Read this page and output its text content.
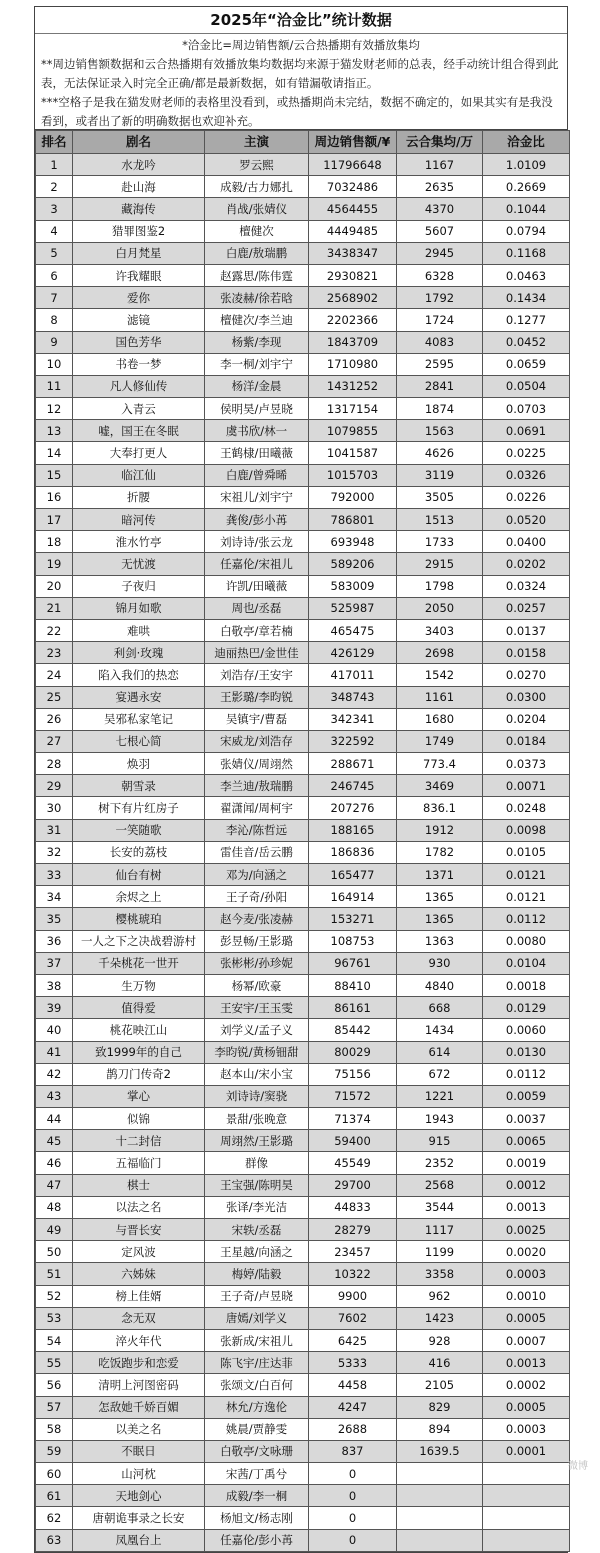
2025年“洽金比”统计数据

*洽金比=周边销售额/云合热播期有效播放集均

**周边销售额数据和云合热播期有效播放集均数据均来源于猫发财老师的总表，经手动统计组合得到此表，无法保证录入时完全正确/都是最新数据，如有错漏敬请指正。

***空格子是我在猫发财老师的表格里没看到，或热播期尚未完结，数据不确定的，如果其实有是我没看到，或者出了新的明确数据也欢迎补充。

排名	剧名	主演	周边销售额/¥	云合集均/万	洽金比
1	水龙吟	罗云熙	11796648	1167	1.0109
2	赴山海	成毅/古力娜扎	7032486	2635	0.2669
3	藏海传	肖战/张婧仪	4564455	4370	0.1044
4	猎罪图鉴2	檀健次	4449485	5607	0.0794
5	白月梵星	白鹿/敖瑞鹏	3438347	2945	0.1168
6	许我耀眼	赵露思/陈伟霆	2930821	6328	0.0463
7	爱你	张凌赫/徐若晗	2568902	1792	0.1434
8	滤镜	檀健次/李兰迪	2202366	1724	0.1277
9	国色芳华	杨紫/李现	1843709	4083	0.0452
10	书卷一梦	李一桐/刘宇宁	1710980	2595	0.0659
11	凡人修仙传	杨洋/金晨	1431252	2841	0.0504
12	入青云	侯明昊/卢昱晓	1317154	1874	0.0703
13	嘘，国王在冬眠	虞书欣/林一	1079855	1563	0.0691
14	大奉打更人	王鹤棣/田曦薇	1041587	4626	0.0225
15	临江仙	白鹿/曾舜晞	1015703	3119	0.0326
16	折腰	宋祖儿/刘宇宁	792000	3505	0.0226
17	暗河传	龚俊/彭小苒	786801	1513	0.0520
18	淮水竹亭	刘诗诗/张云龙	693948	1733	0.0400
19	无忧渡	任嘉伦/宋祖儿	589206	2915	0.0202
20	子夜归	许凯/田曦薇	583009	1798	0.0324
21	锦月如歌	周也/丞磊	525987	2050	0.0257
22	难哄	白敬亭/章若楠	465475	3403	0.0137
23	利剑·玫瑰	迪丽热巴/金世佳	426129	2698	0.0158
24	陷入我们的热恋	刘浩存/王安宇	417011	1542	0.0270
25	宴遇永安	王影璐/李昀锐	348743	1161	0.0300
26	吴邪私家笔记	吴镇宇/曹磊	342341	1680	0.0204
27	七根心简	宋威龙/刘浩存	322592	1749	0.0184
28	焕羽	张婧仪/周翊然	288671	773.4	0.0373
29	朝雪录	李兰迪/敖瑞鹏	246745	3469	0.0071
30	树下有片红房子	翟潇闻/周柯宇	207276	836.1	0.0248
31	一笑随歌	李沁/陈哲远	188165	1912	0.0098
32	长安的荔枝	雷佳音/岳云鹏	186836	1782	0.0105
33	仙台有树	邓为/向涵之	165477	1371	0.0121
34	余烬之上	王子奇/孙阳	164914	1365	0.0121
35	樱桃琥珀	赵今麦/张凌赫	153271	1365	0.0112
36	一人之下之决战碧游村	彭昱畅/王影璐	108753	1363	0.0080
37	千朵桃花一世开	张彬彬/孙珍妮	96761	930	0.0104
38	生万物	杨幂/欧豪	88410	4840	0.0018
39	值得爱	王安宇/王玉雯	86161	668	0.0129
40	桃花映江山	刘学义/孟子义	85442	1434	0.0060
41	致1999年的自己	李昀锐/黄杨钿甜	80029	614	0.0130
42	鹊刀门传奇2	赵本山/宋小宝	75156	672	0.0112
43	掌心	刘诗诗/窦骁	71572	1221	0.0059
44	似锦	景甜/张晚意	71374	1943	0.0037
45	十二封信	周翊然/王影璐	59400	915	0.0065
46	五福临门	群像	45549	2352	0.0019
47	棋士	王宝强/陈明昊	29700	2568	0.0012
48	以法之名	张译/李光洁	44833	3544	0.0013
49	与晋长安	宋轶/丞磊	28279	1117	0.0025
50	定风波	王星越/向涵之	23457	1199	0.0020
51	六姊妹	梅婷/陆毅	10322	3358	0.0003
52	榜上佳婿	王子奇/卢昱晓	9900	962	0.0010
53	念无双	唐嫣/刘学义	7602	1423	0.0005
54	淬火年代	张新成/宋祖儿	6425	928	0.0007
55	吃饭跑步和恋爱	陈飞宇/庄达菲	5333	416	0.0013
56	清明上河图密码	张颂文/白百何	4458	2105	0.0002
57	怎敌她千娇百媚	林允/方逸伦	4247	829	0.0005
58	以美之名	姚晨/贾静雯	2688	894	0.0003
59	不眠日	白敬亭/文咏珊	837	1639.5	0.0001
60	山河枕	宋茜/丁禹兮	0		
61	天地剑心	成毅/李一桐	0		
62	唐朝诡事录之长安	杨旭文/杨志刚	0		
63	凤凰台上	任嘉伦/彭小苒	0		
微博
